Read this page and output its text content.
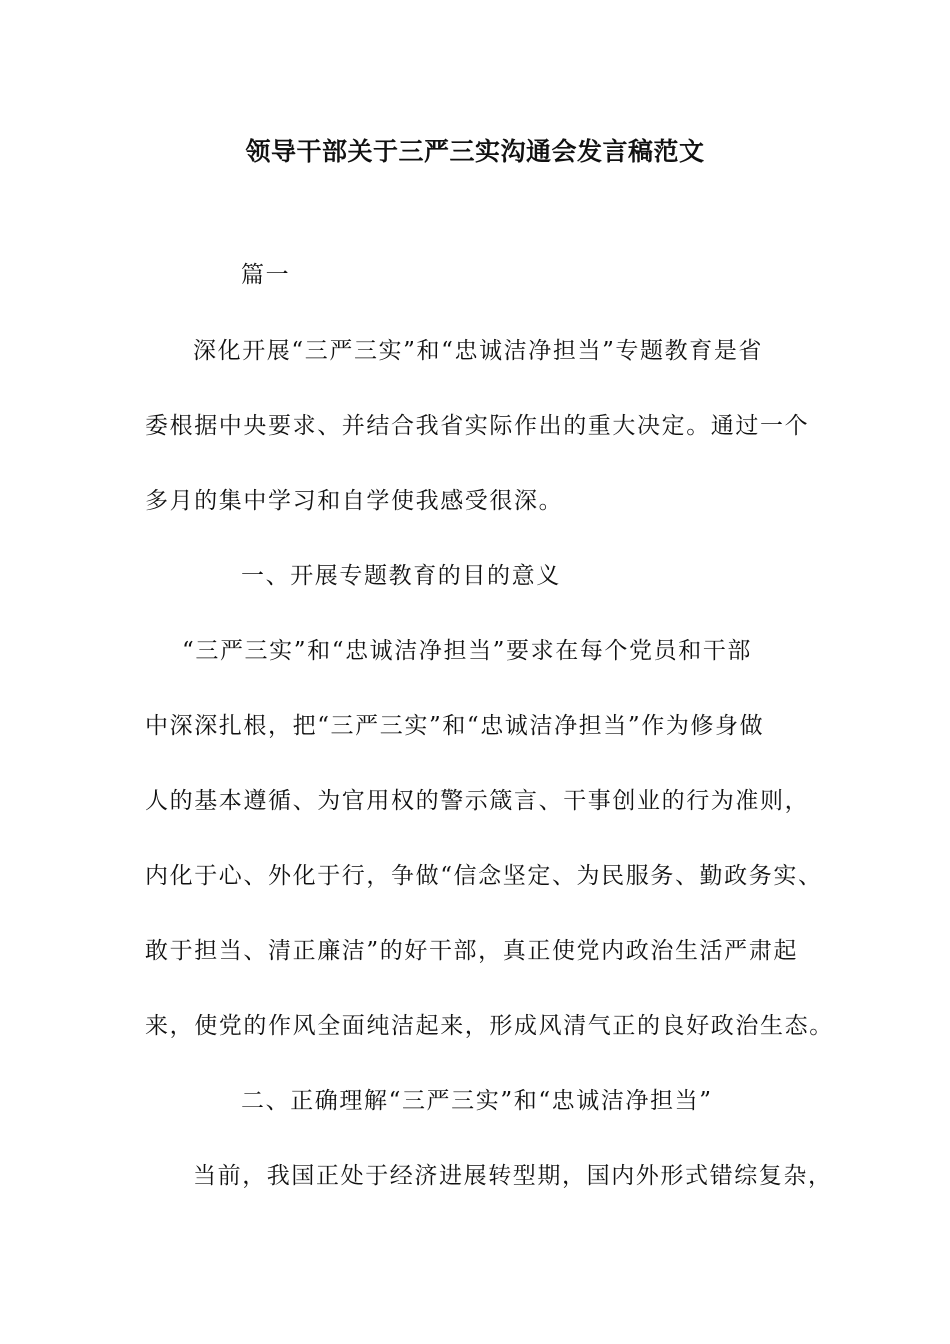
领导干部关于三严三实沟通会发言稿范文
篇一
深化开展“三严三实”和“忠诚洁净担当”专题教育是省
委根据中央要求、并结合我省实际作出的重大决定。通过一个
多月的集中学习和自学使我感受很深。
一、开展专题教育的目的意义
“三严三实”和“忠诚洁净担当”要求在每个党员和干部
中深深扎根，把“三严三实”和“忠诚洁净担当”作为修身做
人的基本遵循、为官用权的警示箴言、干事创业的行为准则，
内化于心、外化于行，争做“信念坚定、为民服务、勤政务实、
敢于担当、清正廉洁”的好干部，真正使党内政治生活严肃起
来，使党的作风全面纯洁起来，形成风清气正的良好政治生态。
二、正确理解“三严三实”和“忠诚洁净担当”
当前，我国正处于经济进展转型期，国内外形式错综复杂，
